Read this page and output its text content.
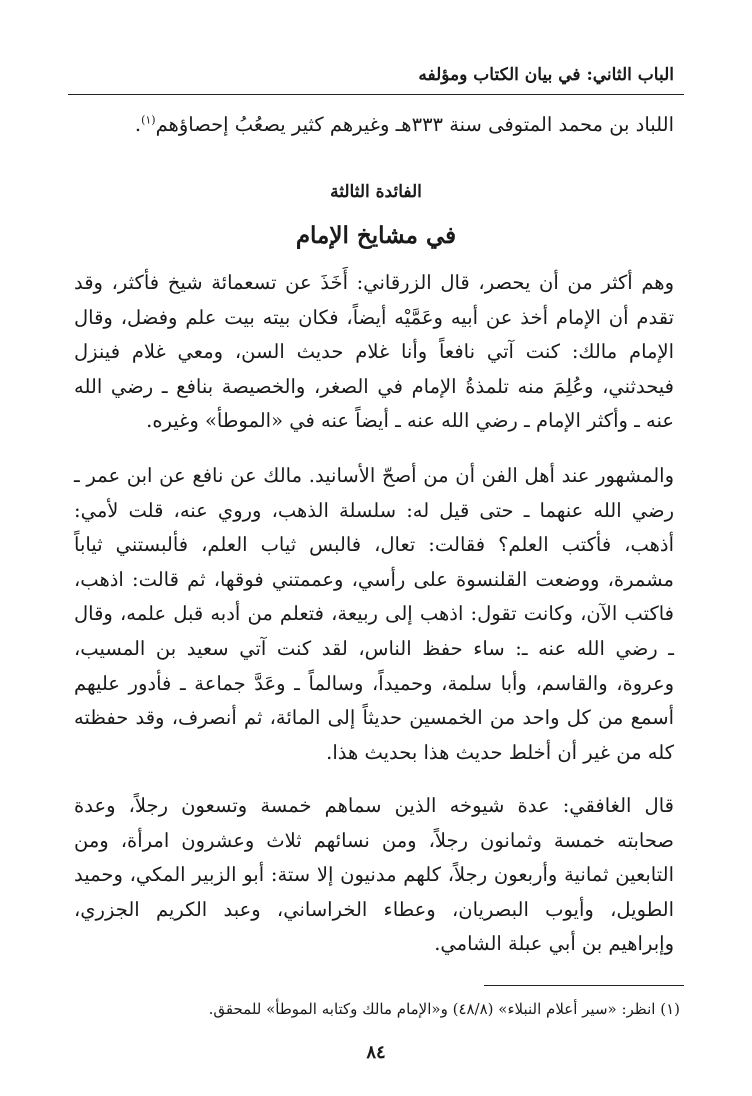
الباب الثاني: في بيان الكتاب ومؤلفه

اللباد بن محمد المتوفى سنة ٣٣٣هـ وغيرهم كثير يصعُبُ إحصاؤهم$^{(١)}$.

الفائدة الثالثة
في مشايخ الإمام

وهم أكثر من أن يحصر، قال الزرقاني: أَخَذَ عن تسعمائة شيخ فأكثر، وقد تقدم أن الإمام أخذ عن أبيه وعَمَّيْه أيضاً، فكان بيته بيت علم وفضل، وقال الإمام مالك: كنت آتي نافعاً وأنا غلام حديث السن، ومعي غلام فينزل فيحدثني، وعُلِمَ منه تلمذةُ الإمام في الصغر، والخصيصة بنافع ـ رضي الله عنه ـ وأكثر الإمام ـ رضي الله عنه ـ أيضاً عنه في «الموطأ» وغيره.

والمشهور عند أهل الفن أن من أصحّ الأسانيد. مالك عن نافع عن ابن عمر ـ رضي الله عنهما ـ حتى قيل له: سلسلة الذهب، وروي عنه، قلت لأمي: أذهب، فأكتب العلم؟ فقالت: تعال، فالبس ثياب العلم، فألبستني ثياباً مشمرة، ووضعت القلنسوة على رأسي، وعممتني فوقها، ثم قالت: اذهب، فاكتب الآن، وكانت تقول: اذهب إلى ربيعة، فتعلم من أدبه قبل علمه، وقال ـ رضي الله عنه ـ: ساء حفظ الناس، لقد كنت آتي سعيد بن المسيب، وعروة، والقاسم، وأبا سلمة، وحميداً، وسالماً ـ وعَدَّ جماعة ـ فأدور عليهم أسمع من كل واحد من الخمسين حديثاً إلى المائة، ثم أنصرف، وقد حفظته كله من غير أن أخلط حديث هذا بحديث هذا.

قال الغافقي: عدة شيوخه الذين سماهم خمسة وتسعون رجلاً، وعدة صحابته خمسة وثمانون رجلاً، ومن نسائهم ثلاث وعشرون امرأة، ومن التابعين ثمانية وأربعون رجلاً، كلهم مدنيون إلا ستة: أبو الزبير المكي، وحميد الطويل، وأيوب البصريان، وعطاء الخراساني، وعبد الكريم الجزري، وإبراهيم بن أبي عبلة الشامي.

(١) انظر: «سير أعلام النبلاء» (٤٨/٨) و«الإمام مالك وكتابه الموطأ» للمحقق.
٨٤
